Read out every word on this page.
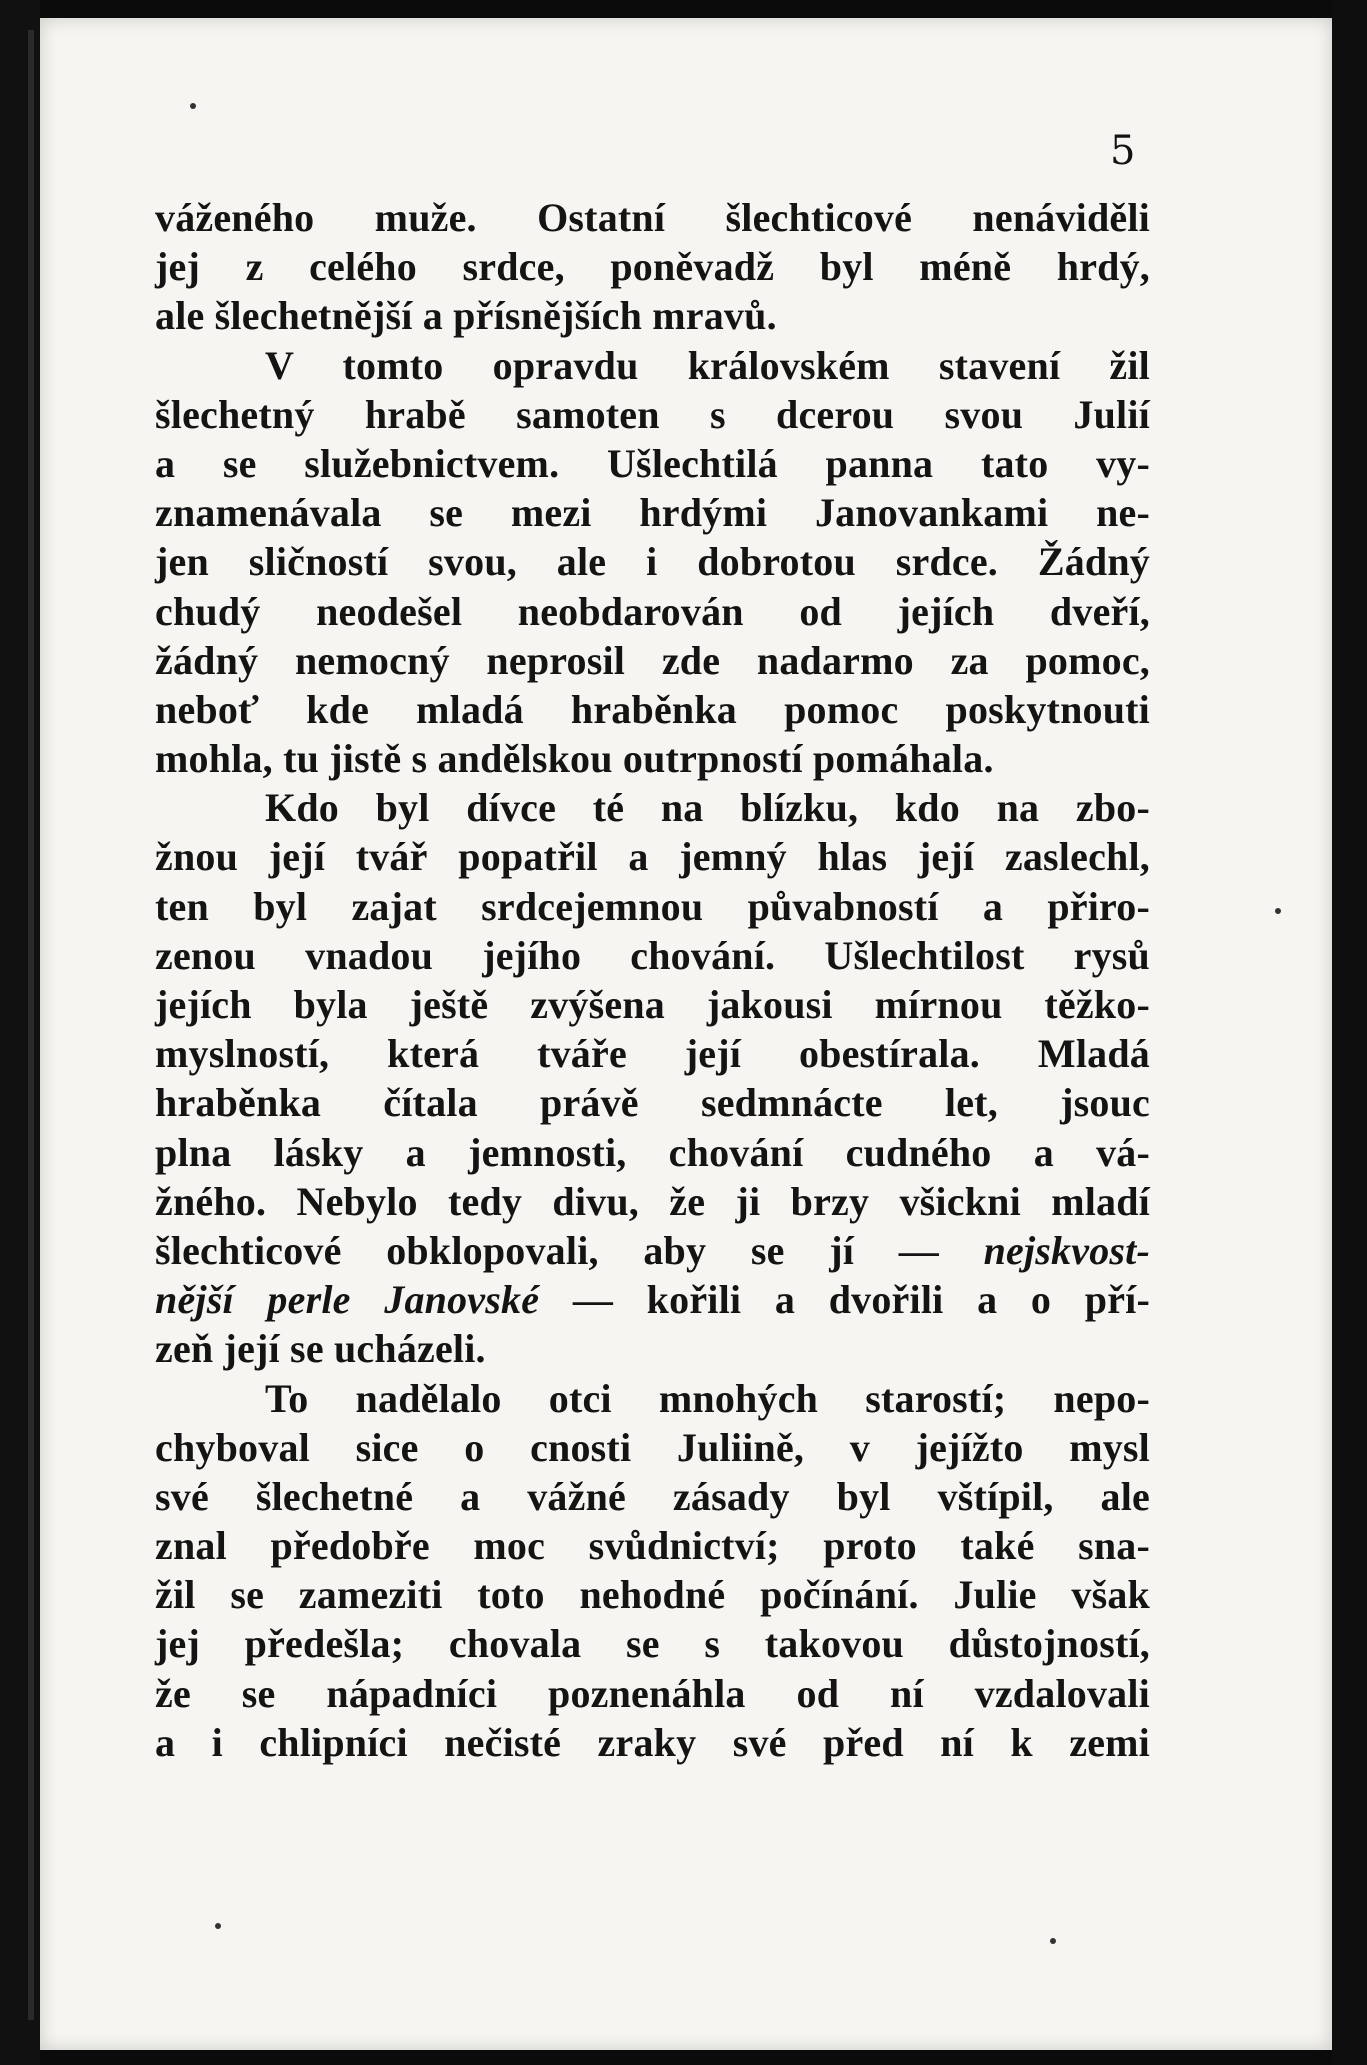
5
váženého muže. Ostatní šlechticové nenáviděli
jej z celého srdce, poněvadž byl méně hrdý,
ale šlechetnější a přísnějších mravů.
V tomto opravdu královském stavení žil
šlechetný hrabě samoten s dcerou svou Julií
a se služebnictvem. Ušlechtilá panna tato vy-
znamenávala se mezi hrdými Janovankami ne-
jen sličností svou, ale i dobrotou srdce. Žádný
chudý neodešel neobdarován od jejích dveří,
žádný nemocný neprosil zde nadarmo za pomoc,
neboť kde mladá hraběnka pomoc poskytnouti
mohla, tu jistě s andělskou outrpností pomáhala.
Kdo byl dívce té na blízku, kdo na zbo-
žnou její tvář popatřil a jemný hlas její zaslechl,
ten byl zajat srdcejemnou půvabností a přiro-
zenou vnadou jejího chování. Ušlechtilost rysů
jejích byla ještě zvýšena jakousi mírnou těžko-
myslností, která tváře její obestírala. Mladá
hraběnka čítala právě sedmnácte let, jsouc
plna lásky a jemnosti, chování cudného a vá-
žného. Nebylo tedy divu, že ji brzy všickni mladí
šlechticové obklopovali, aby se jí — nejskvost-
nější perle Janovské — kořili a dvořili a o pří-
zeň její se ucházeli.
To nadělalo otci mnohých starostí; nepo-
chyboval sice o cnosti Juliině, v jejížto mysl
své šlechetné a vážné zásady byl vštípil, ale
znal předobře moc svůdnictví; proto také sna-
žil se zameziti toto nehodné počínání. Julie však
jej předešla; chovala se s takovou důstojností,
že se nápadníci poznenáhla od ní vzdalovali
a i chlipníci nečisté zraky své před ní k zemi
